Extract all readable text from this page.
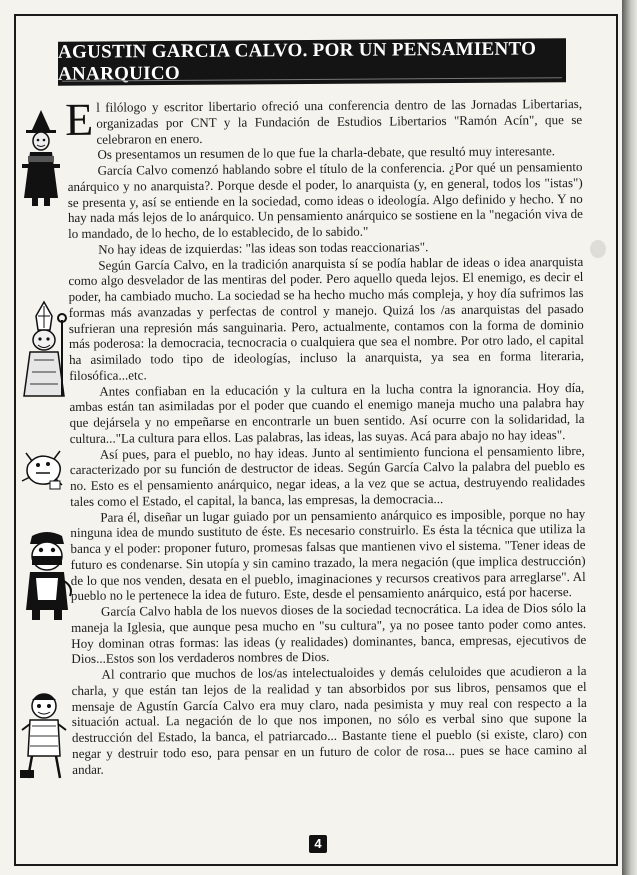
AGUSTIN GARCIA CALVO. POR UN PENSAMIENTO ANARQUICO

El filólogo y escritor libertario ofreció una conferencia dentro de las Jornadas Libertarias, organizadas por CNT y la Fundación de Estudios Libertarios "Ramón Acín", que se celebraron en enero.

Os presentamos un resumen de lo que fue la charla-debate, que resultó muy interesante.

García Calvo comenzó hablando sobre el título de la conferencia. ¿Por qué un pensamiento anárquico y no anarquista?. Porque desde el poder, lo anarquista (y, en general, todos los "istas") se presenta y, así se entiende en la sociedad, como ideas o ideología. Algo definido y hecho. Y no hay nada más lejos de lo anárquico. Un pensamiento anárquico se sostiene en la "negación viva de lo mandado, de lo hecho, de lo establecido, de lo sabido."

No hay ideas de izquierdas: "las ideas son todas reaccionarias".

Según García Calvo, en la tradición anarquista sí se podía hablar de ideas o idea anarquista como algo desvelador de las mentiras del poder. Pero aquello queda lejos. El enemigo, es decir el poder, ha cambiado mucho. La sociedad se ha hecho mucho más compleja, y hoy día sufrimos las formas más avanzadas y perfectas de control y manejo. Quizá los /as anarquistas del pasado sufrieran una represión más sanguinaria. Pero, actualmente, contamos con la forma de dominio más poderosa: la democracia, tecnocracia o cualquiera que sea el nombre. Por otro lado, el capital ha asimilado todo tipo de ideologías, incluso la anarquista, ya sea en forma literaria, filosófica...etc.

Antes confiaban en la educación y la cultura en la lucha contra la ignorancia. Hoy día, ambas están tan asimiladas por el poder que cuando el enemigo maneja mucho una palabra hay que dejársela y no empeñarse en encontrarle un buen sentido. Así ocurre con la solidaridad, la cultura..."La cultura para ellos. Las palabras, las ideas, las suyas. Acá para abajo no hay ideas".

Así pues, para el pueblo, no hay ideas. Junto al sentimiento funciona el pensamiento libre, caracterizado por su función de destructor de ideas. Según García Calvo la palabra del pueblo es no. Esto es el pensamiento anárquico, negar ideas, a la vez que se actua, destruyendo realidades tales como el Estado, el capital, la banca, las empresas, la democracia...

Para él, diseñar un lugar guiado por un pensamiento anárquico es imposible, porque no hay ninguna idea de mundo sustituto de éste. Es necesario construirlo. Es ésta la técnica que utiliza la banca y el poder: proponer futuro, promesas falsas que mantienen vivo el sistema. "Tener ideas de futuro es condenarse. Sin utopía y sin camino trazado, la mera negación (que implica destrucción) de lo que nos venden, desata en el pueblo, imaginaciones y recursos creativos para arreglarse". Al pueblo no le pertenece la idea de futuro. Este, desde el pensamiento anárquico, está por hacerse.

García Calvo habla de los nuevos dioses de la sociedad tecnocrática. La idea de Dios sólo la maneja la Iglesia, que aunque pesa mucho en "su cultura", ya no posee tanto poder como antes. Hoy dominan otras formas: las ideas (y realidades) dominantes, banca, empresas, ejecutivos de Dios...Estos son los verdaderos nombres de Dios.

Al contrario que muchos de los/as intelectualoides y demás celuloides que acudieron a la charla, y que están tan lejos de la realidad y tan absorbidos por sus libros, pensamos que el mensaje de Agustín García Calvo era muy claro, nada pesimista y muy real con respecto a la situación actual. La negación de lo que nos imponen, no sólo es verbal sino que supone la destrucción del Estado, la banca, el patriarcado... Bastante tiene el pueblo (si existe, claro) con negar y destruir todo eso, para pensar en un futuro de color de rosa... pues se hace camino al andar.

4
